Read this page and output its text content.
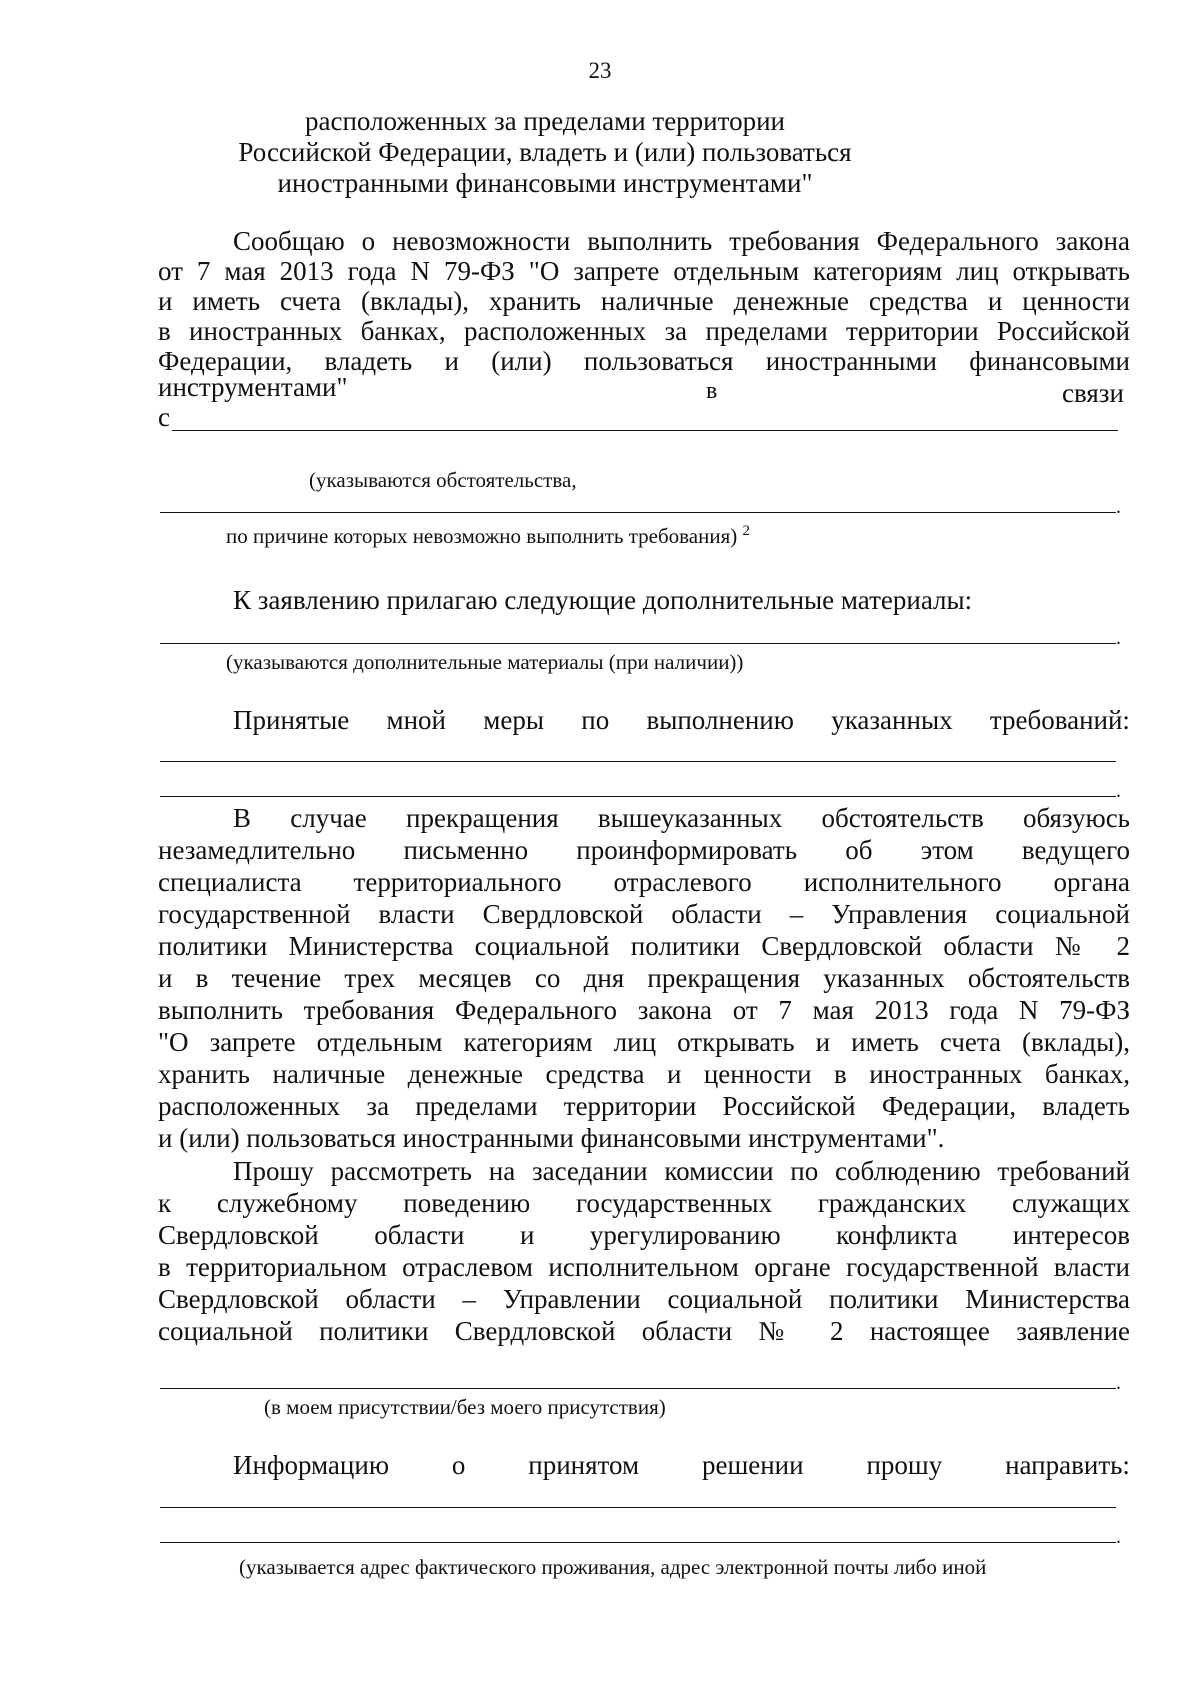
23
расположенных за пределами территории
Российской Федерации, владеть и (или) пользоваться
иностранными финансовыми инструментами"
Сообщаю о невозможности выполнить требования Федерального закона
от 7 мая 2013 года N 79-ФЗ "О запрете отдельным категориям лиц открывать
и иметь счета (вклады), хранить наличные денежные средства и ценности
в иностранных банках, расположенных за пределами территории Российской
Федерации, владеть и (или) пользоваться иностранными финансовыми
инструментами"	в	связи
с
(указываются обстоятельства,
.
по причине которых невозможно выполнить требования) $^2$
К заявлению прилагаю следующие дополнительные материалы:
.
(указываются дополнительные материалы (при наличии))
Принятые мной меры по выполнению указанных требований:
.
В случае прекращения вышеуказанных обстоятельств обязуюсь
незамедлительно письменно проинформировать об этом ведущего
специалиста территориального отраслевого исполнительного органа
государственной власти Свердловской области – Управления социальной
политики Министерства социальной политики Свердловской области № 2
и в течение трех месяцев со дня прекращения указанных обстоятельств
выполнить требования Федерального закона от 7 мая 2013 года N 79-ФЗ
"О запрете отдельным категориям лиц открывать и иметь счета (вклады),
хранить наличные денежные средства и ценности в иностранных банках,
расположенных за пределами территории Российской Федерации, владеть
и (или) пользоваться иностранными финансовыми инструментами".
Прошу рассмотреть на заседании комиссии по соблюдению требований
к служебному поведению государственных гражданских служащих
Свердловской области и урегулированию конфликта интересов
в территориальном отраслевом исполнительном органе государственной власти
Свердловской области – Управлении социальной политики Министерства
социальной политики Свердловской области № 2 настоящее заявление
.
(в моем присутствии/без моего присутствия)
Информацию о принятом решении прошу направить:
.
(указывается адрес фактического проживания, адрес электронной почты либо иной
